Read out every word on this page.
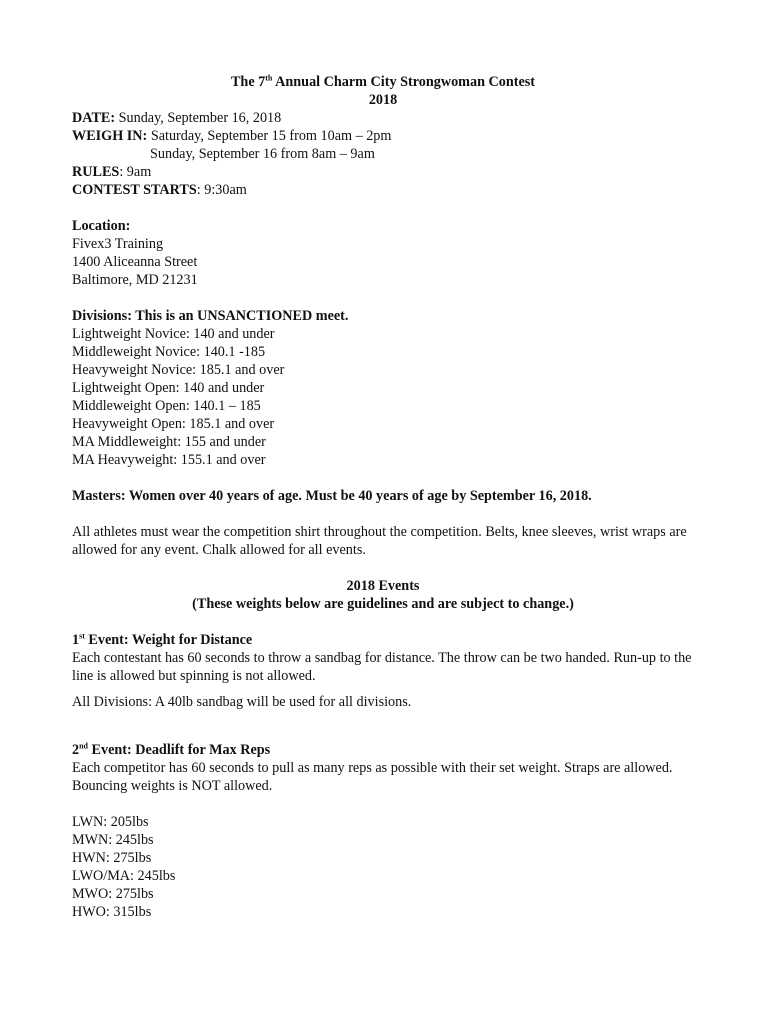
The 7th Annual Charm City Strongwoman Contest
2018
DATE: Sunday, September 16, 2018
WEIGH IN: Saturday, September 15 from 10am – 2pm
Sunday, September 16 from 8am – 9am
RULES: 9am
CONTEST STARTS: 9:30am
Location:
Fivex3 Training
1400 Aliceanna Street
Baltimore, MD 21231
Divisions: This is an UNSANCTIONED meet.
Lightweight Novice: 140 and under
Middleweight Novice: 140.1 -185
Heavyweight Novice: 185.1 and over
Lightweight Open: 140 and under
Middleweight Open: 140.1 – 185
Heavyweight Open: 185.1 and over
MA Middleweight: 155 and under
MA Heavyweight: 155.1 and over
Masters: Women over 40 years of age. Must be 40 years of age by September 16, 2018.
All athletes must wear the competition shirt throughout the competition. Belts, knee sleeves, wrist wraps are allowed for any event. Chalk allowed for all events.
2018 Events
(These weights below are guidelines and are subject to change.)
1st Event: Weight for Distance
Each contestant has 60 seconds to throw a sandbag for distance. The throw can be two handed. Run-up to the line is allowed but spinning is not allowed.
All Divisions: A 40lb sandbag will be used for all divisions.
2nd Event: Deadlift for Max Reps
Each competitor has 60 seconds to pull as many reps as possible with their set weight. Straps are allowed. Bouncing weights is NOT allowed.
LWN: 205lbs
MWN: 245lbs
HWN: 275lbs
LWO/MA: 245lbs
MWO: 275lbs
HWO: 315lbs
